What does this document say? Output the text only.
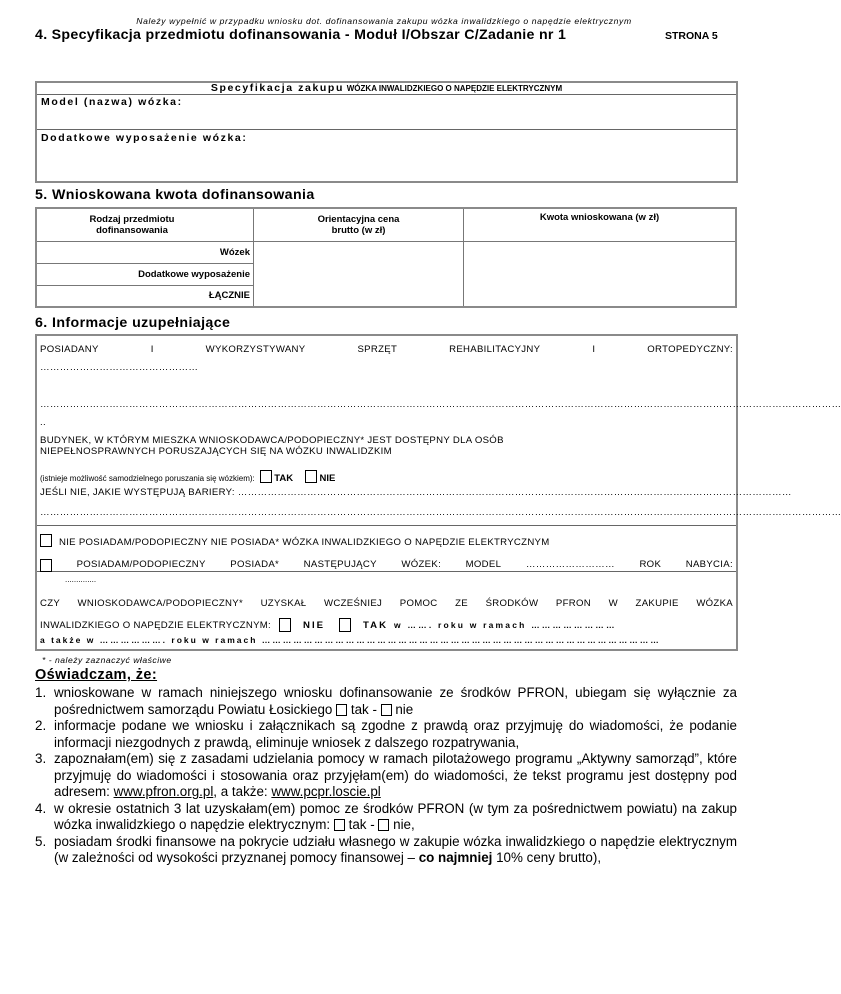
Należy wypełnić w przypadku wniosku dot. dofinansowania zakupu wózka inwalidzkiego o napędzie elektrycznym
4. Specyfikacja przedmiotu dofinansowania - Moduł I/Obszar C/Zadanie nr 1	STRONA 5
Specyfikacja zakupu WÓZKA INWALIDZKIEGO O NAPĘDZIE ELEKTRYCZNYM
Model (nazwa) wózka:
Dodatkowe wyposażenie wózka:
5. Wnioskowana kwota dofinansowania
Rodzaj przedmiotu dofinansowania	Orientacyjna cena brutto (w zł)	Kwota wnioskowana (w zł)
Wózek		
Dodatkowe wyposażenie		
ŁĄCZNIE		
6. Informacje uzupełniające
POSIADANY	I	WYKORZYSTYWANY	SPRZĘT	REHABILITACYJNY	I	ORTOPEDYCZNY:
…………………………………………
………………………………………………………………………………………………………………………………………………………………………………………………………………………
..
BUDYNEK, W KTÓRYM MIESZKA WNIOSKODAWCA/PODOPIECZNY* JEST DOSTĘPNY DLA OSÓB
NIEPEŁNOSPRAWNYCH PORUSZAJĄCYCH SIĘ NA WÓZKU INWALIDZKIM
(istnieje możliwość samodzielnego poruszania się wózkiem): TAK	NIE
JEŚLI NIE, JAKIE WYSTĘPUJĄ BARIERY: ……………………………………………………………………………………………………………………………………………………
………………………………………………………………………………………………………………………………………………………………………………………………………………………
NIE POSIADAM/PODOPIECZNY NIE POSIADA* WÓZKA INWALIDZKIEGO O NAPĘDZIE ELEKTRYCZNYM
POSIADAM/PODOPIECZNY	POSIADA*	NASTĘPUJĄCY	WÓZEK:	MODEL	………………………	ROK	NABYCIA:
..............
CZY WNIOSKODAWCA/PODOPIECZNY* UZYSKAŁ WCZEŚNIEJ POMOC ZE ŚRODKÓW PFRON W ZAKUPIE WÓZKA
INWALIDZKIEGO O NAPĘDZIE ELEKTRYCZNYM:	NIE	TAK w ……. roku w ramach ……………………
a także w ………………. roku w ramach ……………………………………………………………………………………………………
* - należy zaznaczyć właściwe
Oświadczam, że:
1. wnioskowane w ramach niniejszego wniosku dofinansowanie ze środków PFRON, ubiegam się wyłącznie za pośrednictwem samorządu Powiatu Łosickiego tak -  nie
2. informacje podane we wniosku i załącznikach są zgodne z prawdą oraz przyjmuję do wiadomości, że podanie informacji niezgodnych z prawdą, eliminuje wniosek z dalszego rozpatrywania,
3. zapoznałam(em) się z zasadami udzielania pomocy w ramach pilotażowego programu „Aktywny samorząd”, które przyjmuję do wiadomości i stosowania oraz przyjęłam(em) do wiadomości, że tekst programu jest dostępny pod adresem: www.pfron.org.pl, a także: www.pcpr.loscie.pl
4. w okresie ostatnich 3 lat uzyskałam(em) pomoc ze środków PFRON (w tym za pośrednictwem powiatu) na zakup wózka inwalidzkiego o napędzie elektrycznym: tak -  nie,
5. posiadam środki finansowe na pokrycie udziału własnego w zakupie wózka inwalidzkiego o napędzie elektrycznym (w zależności od wysokości przyznanej pomocy finansowej – co najmniej 10% ceny brutto),
